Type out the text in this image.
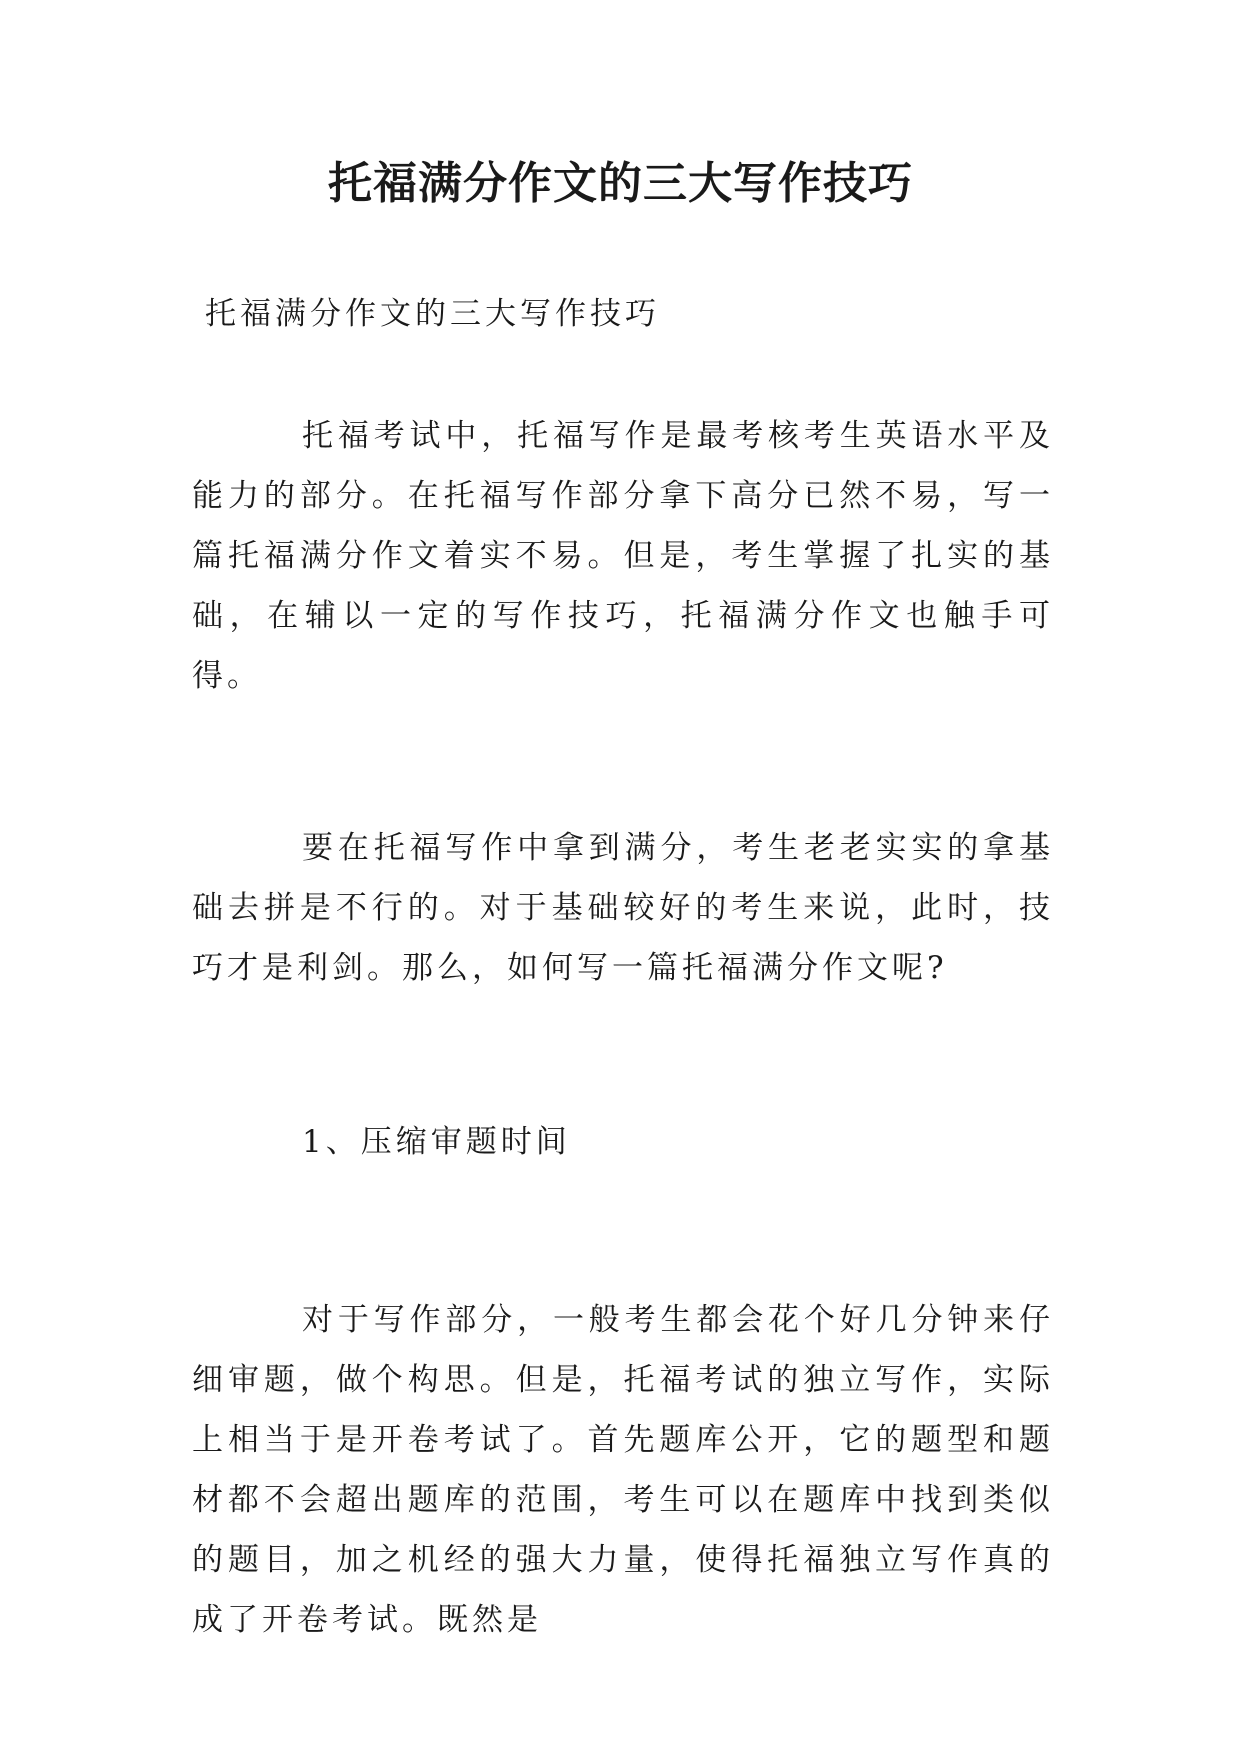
托福满分作文的三大写作技巧

托福满分作文的三大写作技巧

托福考试中，托福写作是最考核考生英语水平及能力的部分。在托福写作部分拿下高分已然不易，写一篇托福满分作文着实不易。但是，考生掌握了扎实的基础，在辅以一定的写作技巧，托福满分作文也触手可得。

要在托福写作中拿到满分，考生老老实实的拿基础去拼是不行的。对于基础较好的考生来说，此时，技巧才是利剑。那么，如何写一篇托福满分作文呢?

1、压缩审题时间

对于写作部分，一般考生都会花个好几分钟来仔细审题，做个构思。但是，托福考试的独立写作，实际上相当于是开卷考试了。首先题库公开，它的题型和题材都不会超出题库的范围，考生可以在题库中找到类似的题目，加之机经的强大力量，使得托福独立写作真的成了开卷考试。既然是
